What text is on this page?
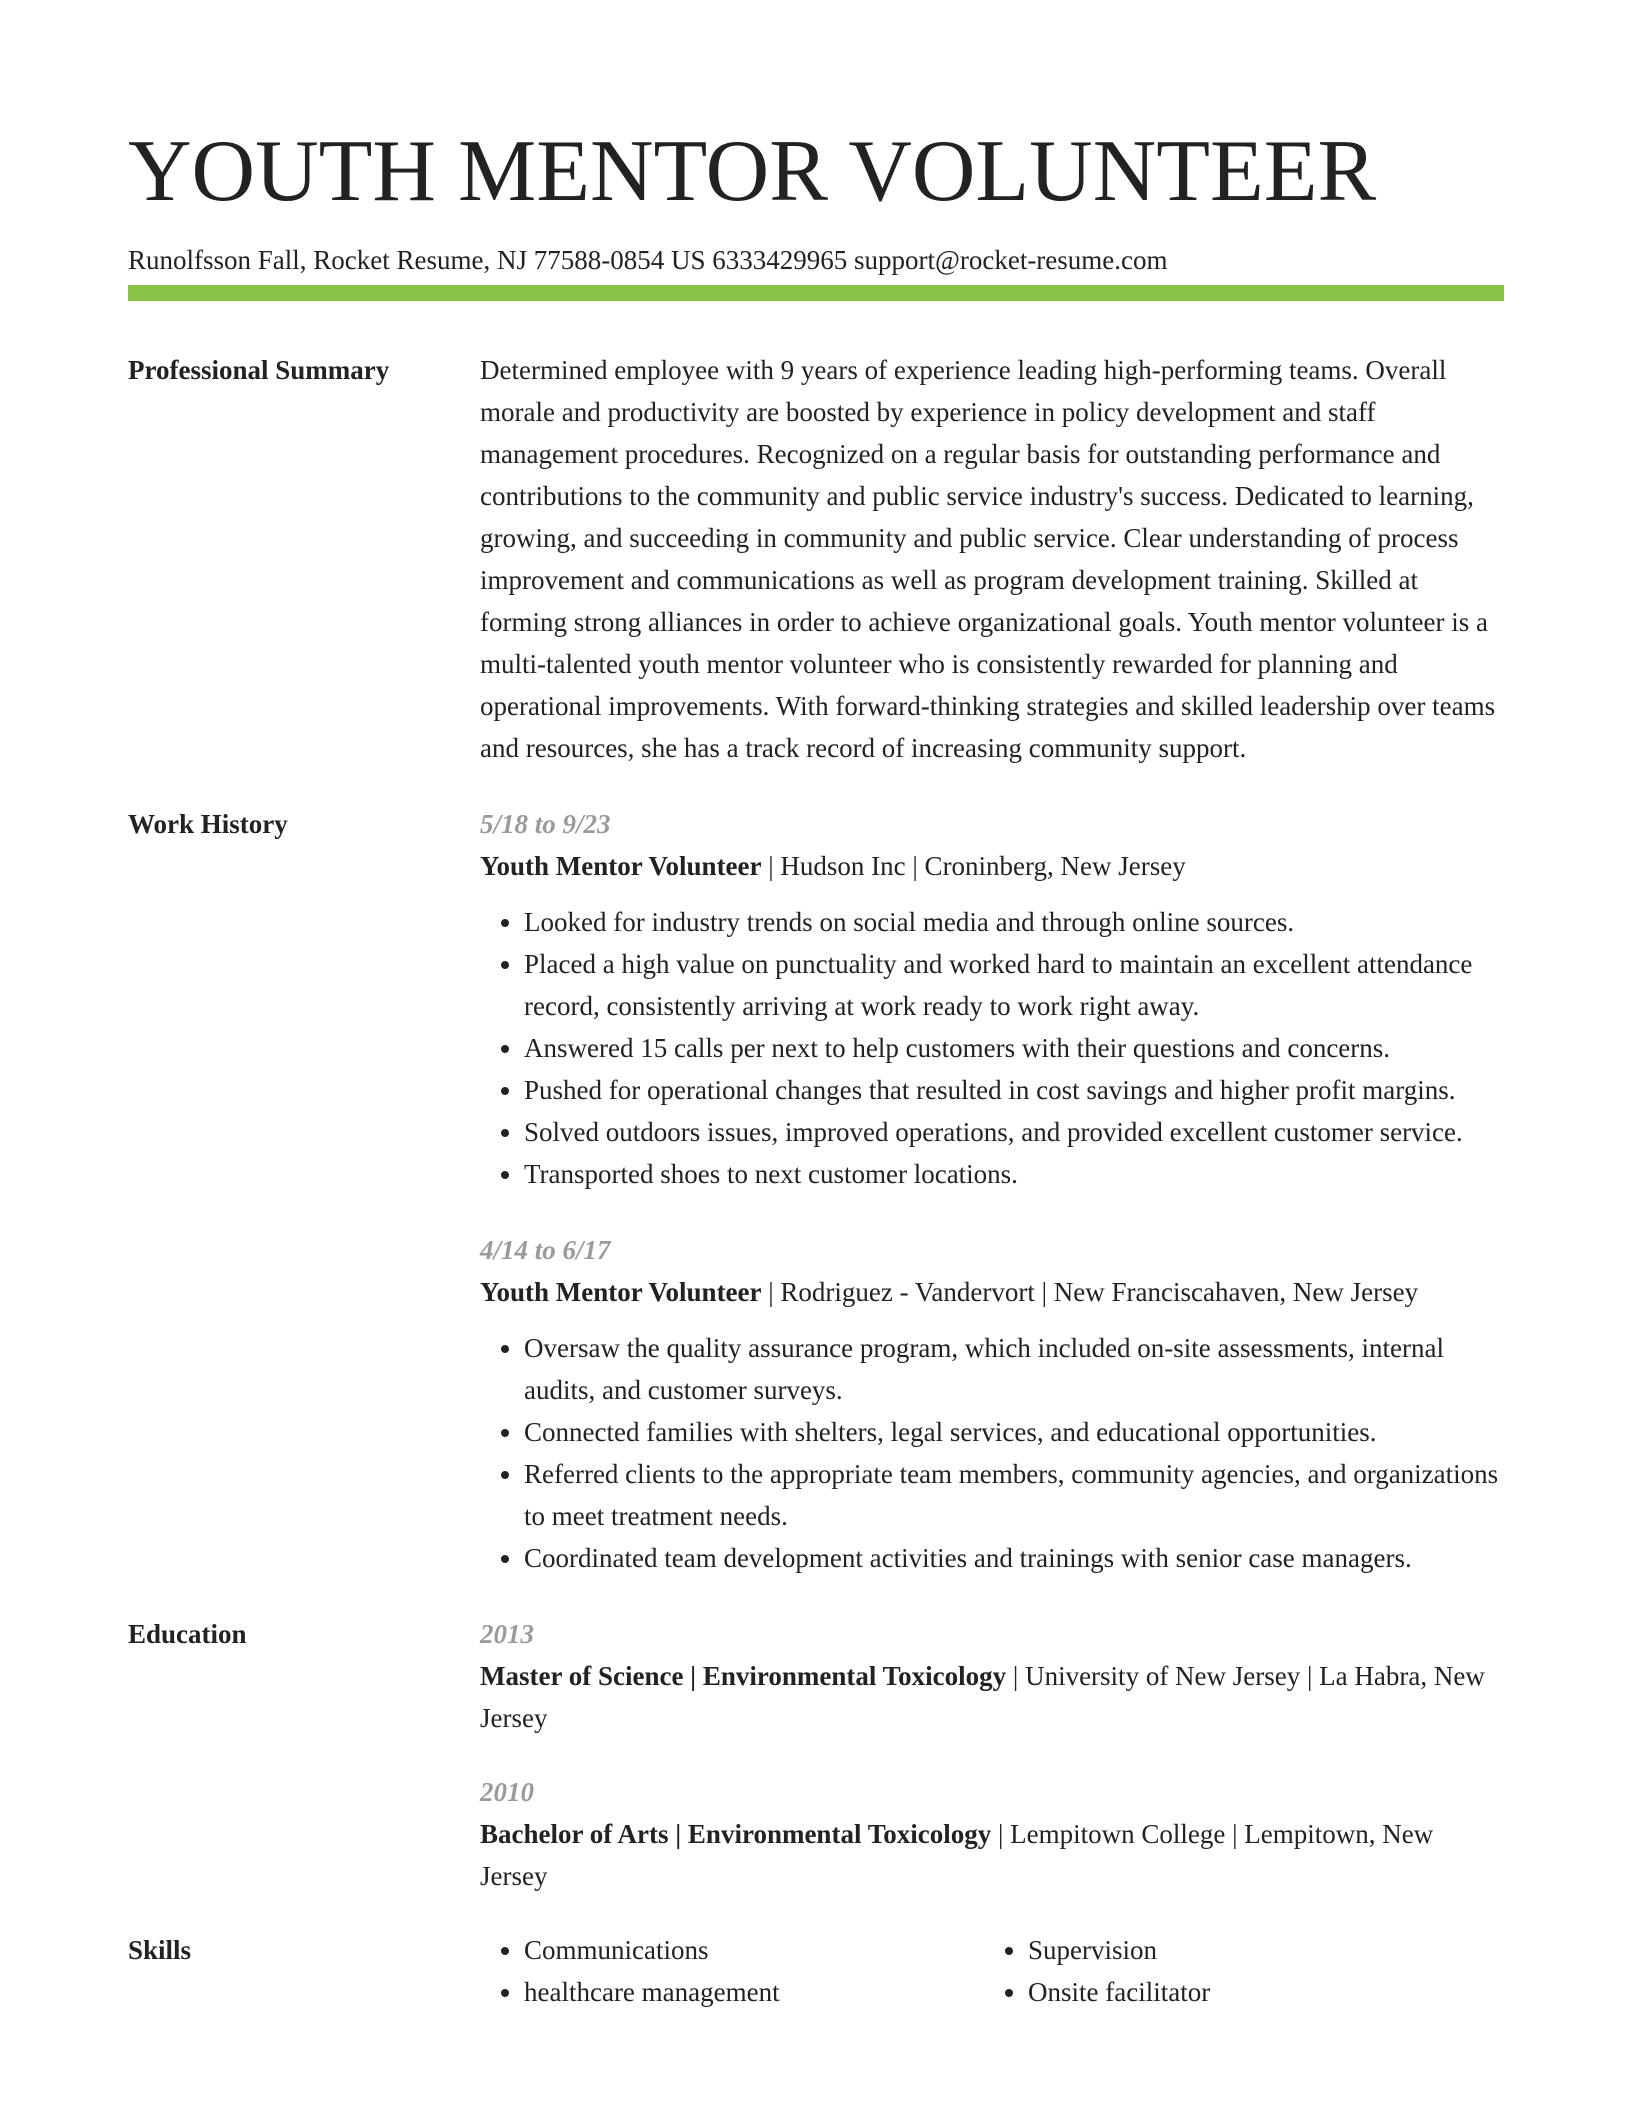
YOUTH MENTOR VOLUNTEER
Runolfsson Fall, Rocket Resume, NJ 77588-0854 US 6333429965 support@rocket-resume.com
Professional Summary	Determined employee with 9 years of experience leading high-performing teams. Overall morale and productivity are boosted by experience in policy development and staff management procedures. Recognized on a regular basis for outstanding performance and contributions to the community and public service industry's success. Dedicated to learning, growing, and succeeding in community and public service. Clear understanding of process improvement and communications as well as program development training. Skilled at forming strong alliances in order to achieve organizational goals. Youth mentor volunteer is a multi-talented youth mentor volunteer who is consistently rewarded for planning and operational improvements. With forward-thinking strategies and skilled leadership over teams and resources, she has a track record of increasing community support.
Work History	5/18 to 9/23
Youth Mentor Volunteer | Hudson Inc | Croninberg, New Jersey
• Looked for industry trends on social media and through online sources.
• Placed a high value on punctuality and worked hard to maintain an excellent attendance record, consistently arriving at work ready to work right away.
• Answered 15 calls per next to help customers with their questions and concerns.
• Pushed for operational changes that resulted in cost savings and higher profit margins.
• Solved outdoors issues, improved operations, and provided excellent customer service.
• Transported shoes to next customer locations.
4/14 to 6/17
Youth Mentor Volunteer | Rodriguez - Vandervort | New Franciscahaven, New Jersey
• Oversaw the quality assurance program, which included on-site assessments, internal audits, and customer surveys.
• Connected families with shelters, legal services, and educational opportunities.
• Referred clients to the appropriate team members, community agencies, and organizations to meet treatment needs.
• Coordinated team development activities and trainings with senior case managers.
Education	2013
Master of Science | Environmental Toxicology | University of New Jersey | La Habra, New Jersey
2010
Bachelor of Arts | Environmental Toxicology | Lempitown College | Lempitown, New Jersey
Skills
•	Communications
• healthcare management
• Supervision
• Onsite facilitator
